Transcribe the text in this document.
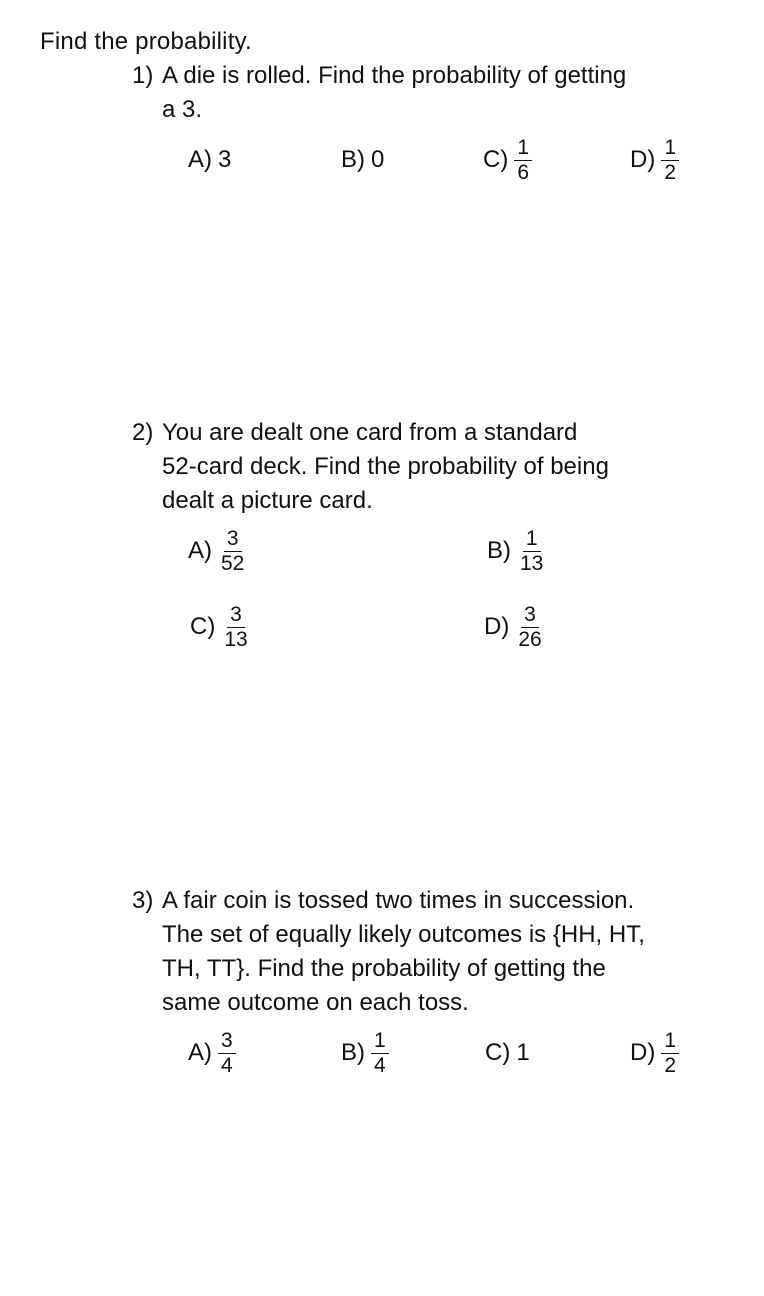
Find the probability.
1) A die is rolled. Find the probability of getting
a 3.
A) 3	B) 0	$C) \frac{1}{6}$	$D) \frac{1}{2}$
2) You are dealt one card from a standard
52-card deck. Find the probability of being
dealt a picture card.
$A) \frac{3}{52}$	$B) \frac{1}{13}$
$C) \frac{3}{13}$	$D) \frac{3}{26}$
3) A fair coin is tossed two times in succession.
The set of equally likely outcomes is {HH, HT,
TH, TT}. Find the probability of getting the
same outcome on each toss.
$A) \frac{3}{4}$	$B) \frac{1}{4}$	C) 1	$D) \frac{1}{2}$
